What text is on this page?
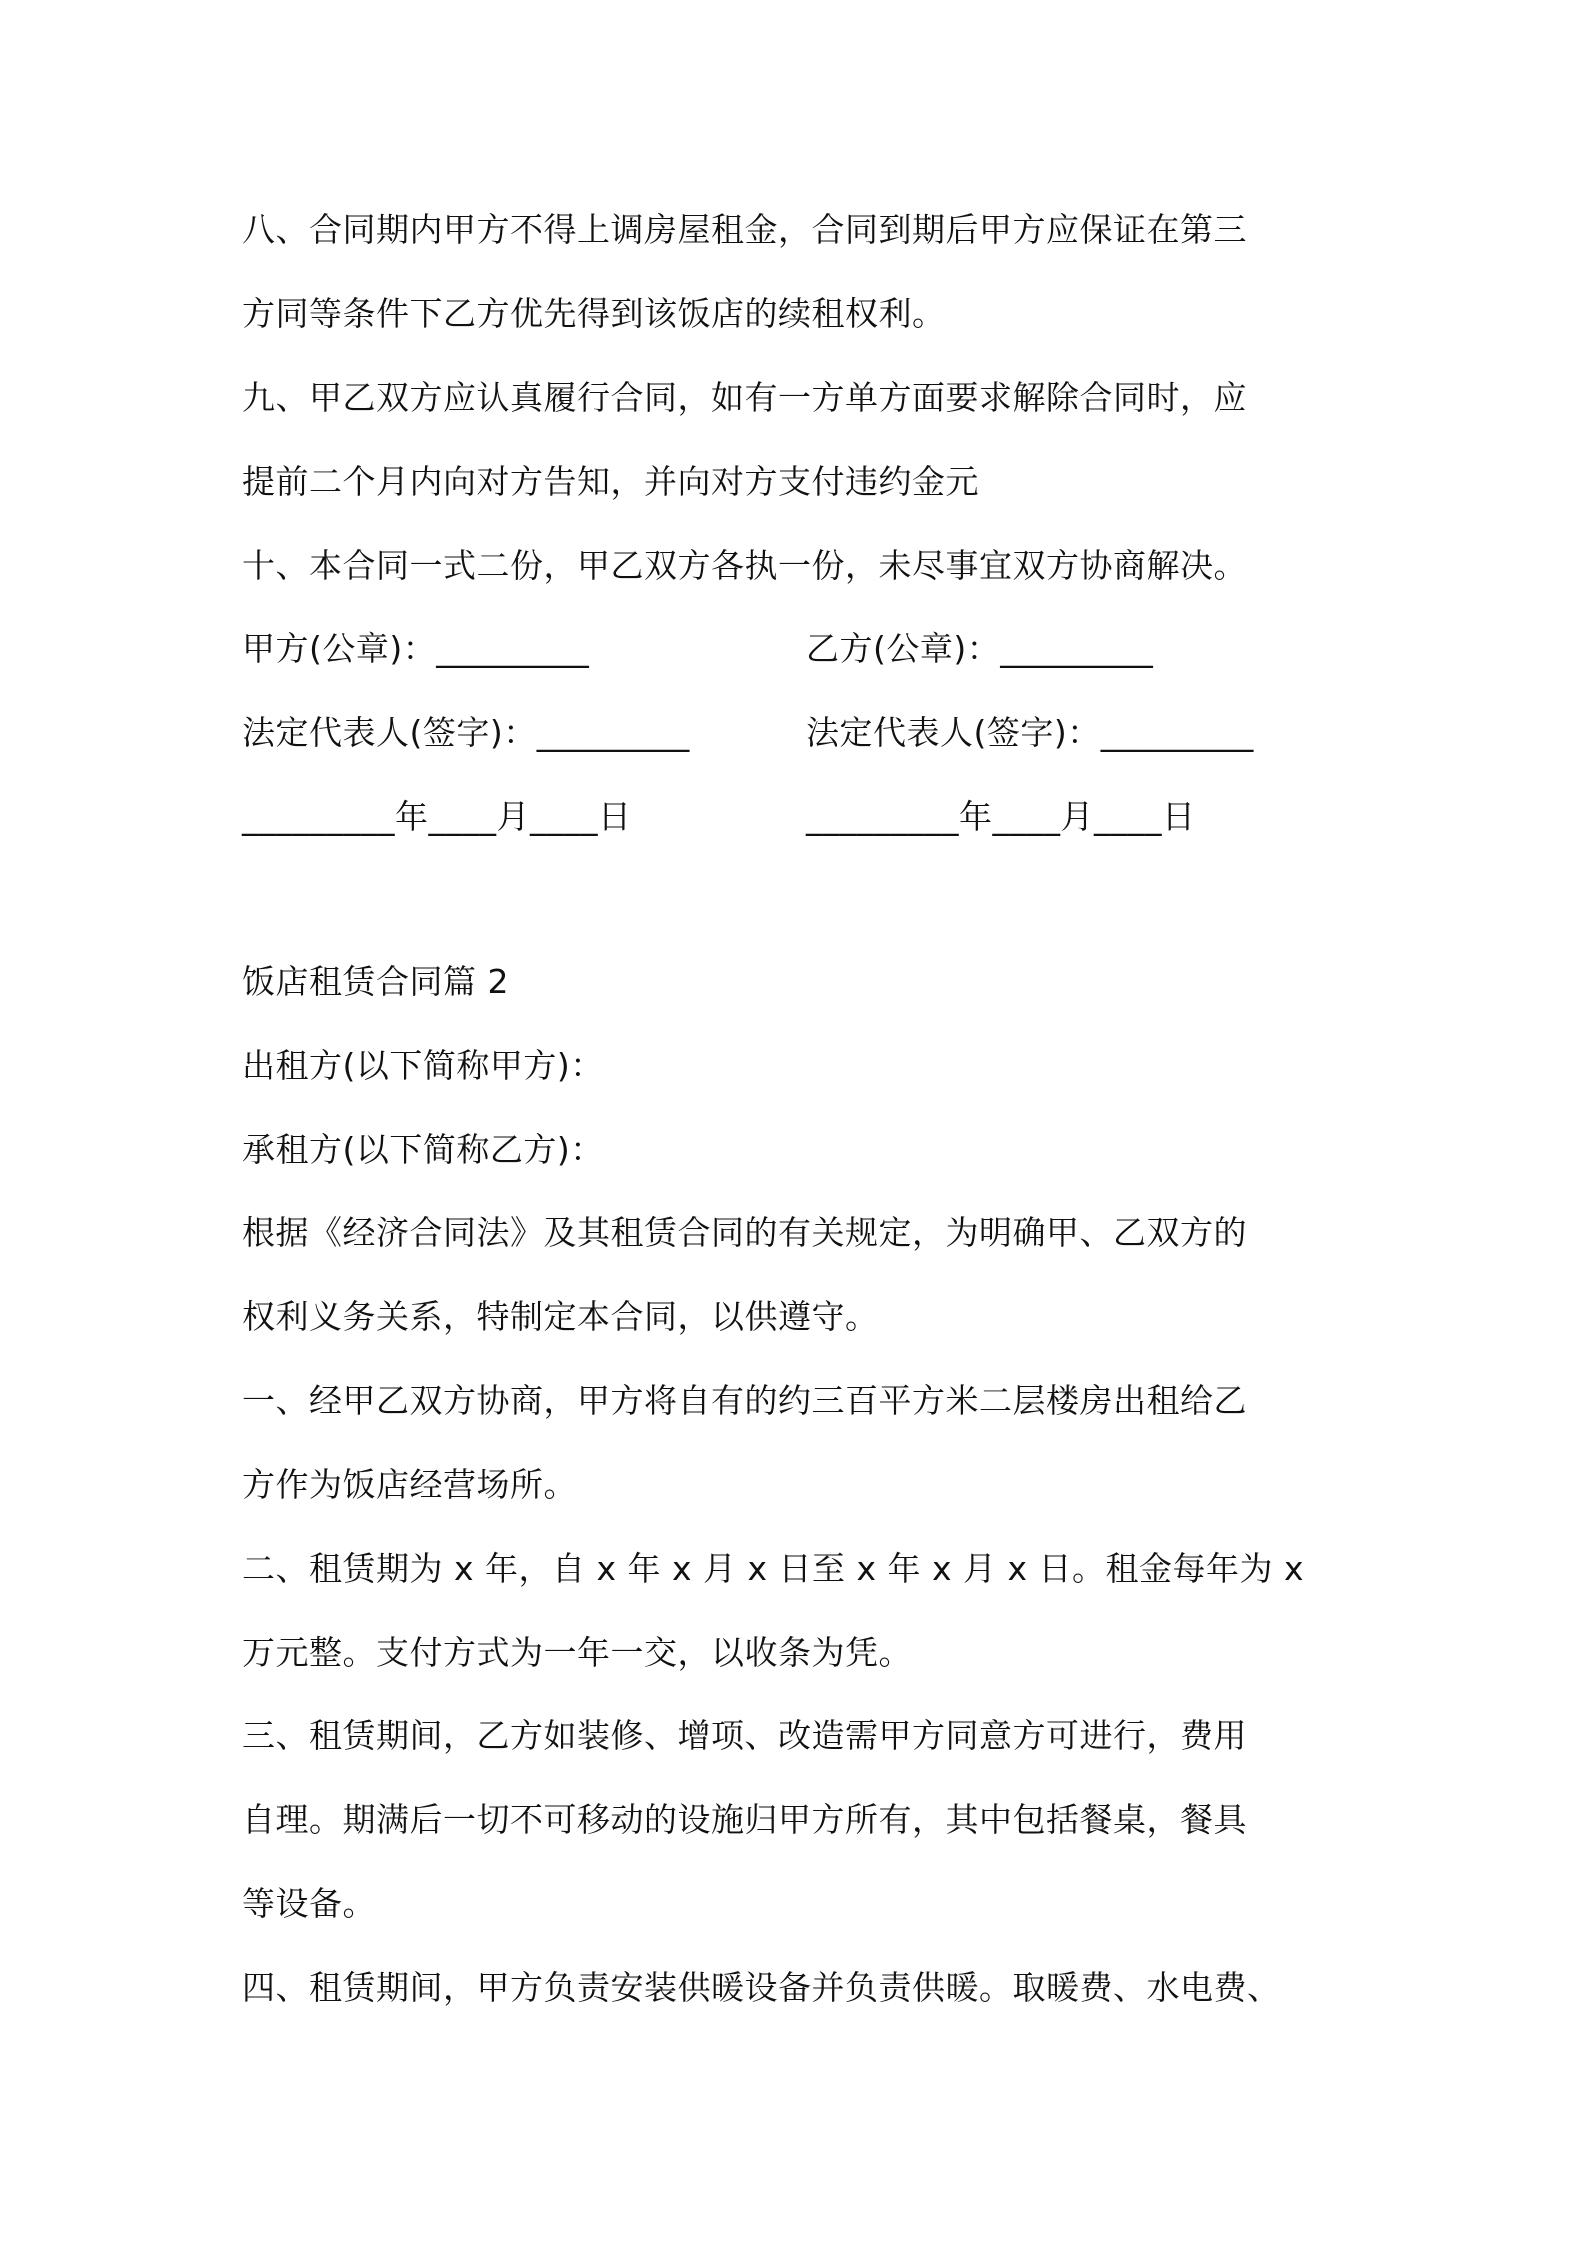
八、合同期内甲方不得上调房屋租金，合同到期后甲方应保证在第三
方同等条件下乙方优先得到该饭店的续租权利。
九、甲乙双方应认真履行合同，如有一方单方面要求解除合同时，应
提前二个月内向对方告知，并向对方支付违约金元
十、本合同一式二份，甲乙双方各执一份，未尽事宜双方协商解决。
甲方(公章)：_________	乙方(公章)：_________
法定代表人(签字)：_________	法定代表人(签字)：_________
_________年____月____日	_________年____月____日
饭店租赁合同篇 2
出租方(以下简称甲方)：
承租方(以下简称乙方)：
根据《经济合同法》及其租赁合同的有关规定，为明确甲、乙双方的
权利义务关系，特制定本合同，以供遵守。
一、经甲乙双方协商，甲方将自有的约三百平方米二层楼房出租给乙
方作为饭店经营场所。
二、租赁期为 x 年，自 x 年 x 月 x 日至 x 年 x 月 x 日。租金每年为 x
万元整。支付方式为一年一交，以收条为凭。
三、租赁期间，乙方如装修、增项、改造需甲方同意方可进行，费用
自理。期满后一切不可移动的设施归甲方所有，其中包括餐桌，餐具
等设备。
四、租赁期间，甲方负责安装供暖设备并负责供暖。取暖费、水电费、
